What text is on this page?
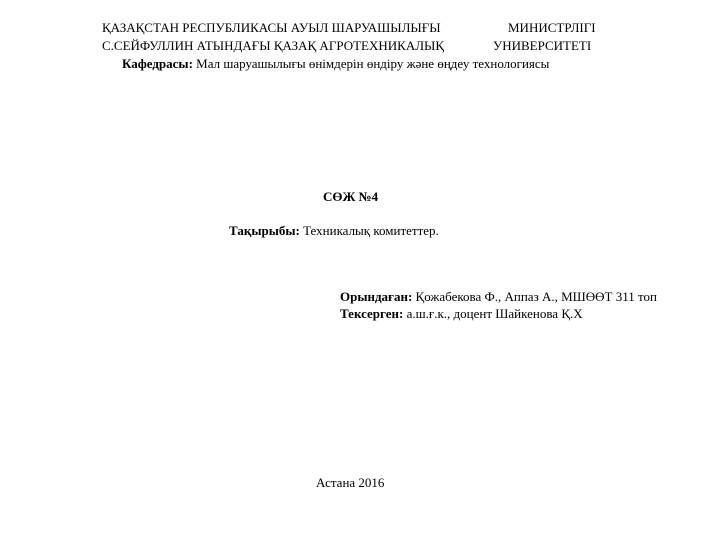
ҚАЗАҚСТАН РЕСПУБЛИКАСЫ АУЫЛ ШАРУАШЫЛЫҒЫ	МИНИСТРЛІГІ
С.СЕЙФУЛЛИН АТЫНДАҒЫ ҚАЗАҚ АГРОТЕХНИКАЛЫҚ	УНИВЕРСИТЕТІ
Кафедрасы: Мал шаруашылығы өнімдерін өндіру және өңдеу технологиясы
СӨЖ №4
Тақырыбы: Техникалық комитеттер.
Орындаған: Қожабекова Ф., Аппаз А., МШӨӨТ 311 топ
Тексерген: а.ш.ғ.к., доцент Шайкенова Қ.Х
Астана 2016
